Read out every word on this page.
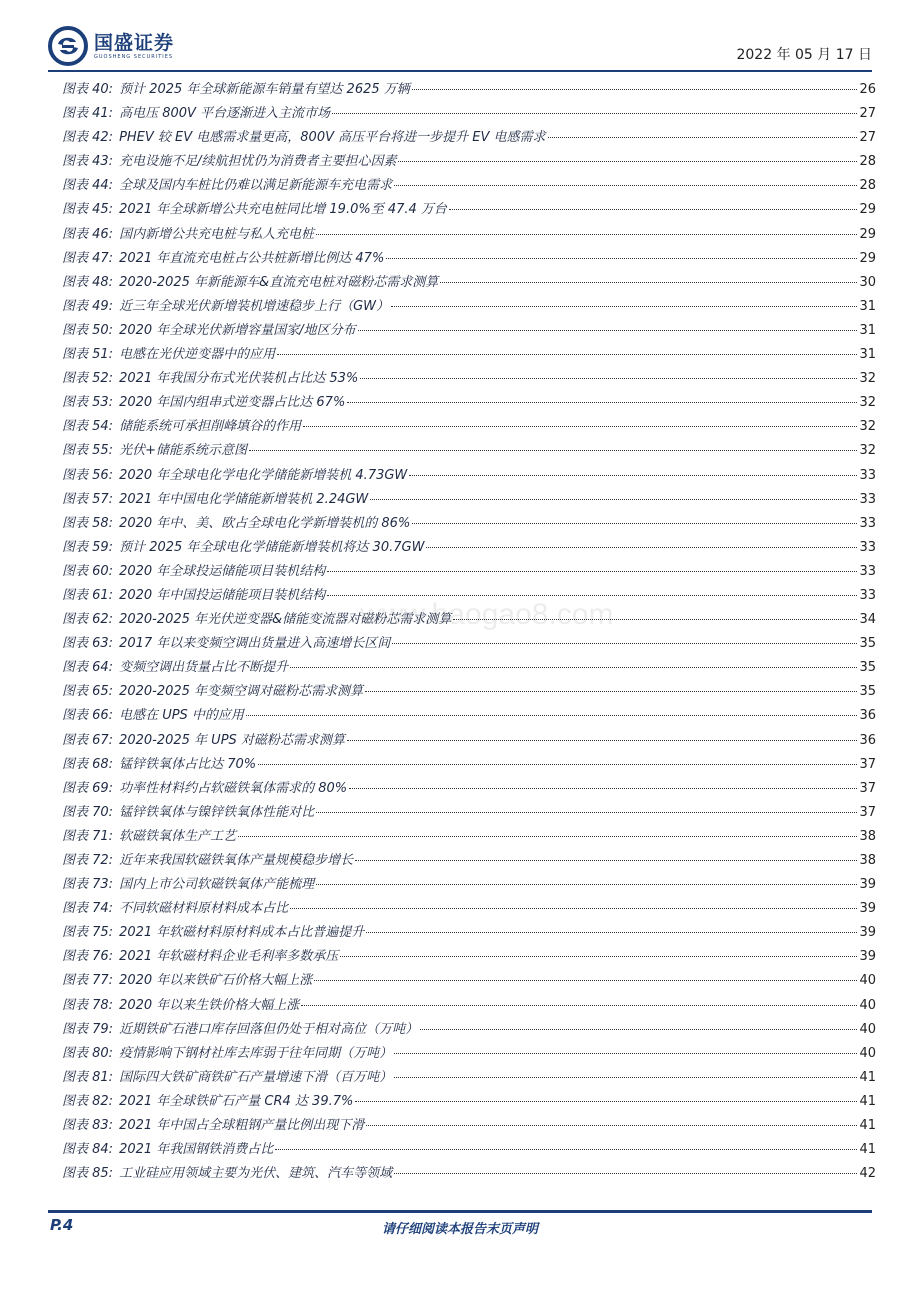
国盛证券
GUOSHENG SECURITIES	2022 年 05 月 17 日
图表 40: 预计 2025 年全球新能源车销量有望达 2625 万辆	26
图表 41: 高电压 800V 平台逐渐进入主流市场	27
图表 42: PHEV 较 EV 电感需求量更高，800V 高压平台将进一步提升 EV 电感需求	27
图表 43: 充电设施不足/续航担忧仍为消费者主要担心因素	28
图表 44: 全球及国内车桩比仍难以满足新能源车充电需求	28
图表 45: 2021 年全球新增公共充电桩同比增 19.0%至 47.4 万台	29
图表 46: 国内新增公共充电桩与私人充电桩	29
图表 47: 2021 年直流充电桩占公共桩新增比例达 47%	29
图表 48: 2020-2025 年新能源车&直流充电桩对磁粉芯需求测算	30
图表 49: 近三年全球光伏新增装机增速稳步上行（GW）	31
图表 50: 2020 年全球光伏新增容量国家/地区分布	31
图表 51: 电感在光伏逆变器中的应用	31
图表 52: 2021 年我国分布式光伏装机占比达 53%	32
图表 53: 2020 年国内组串式逆变器占比达 67%	32
图表 54: 储能系统可承担削峰填谷的作用	32
图表 55: 光伏+储能系统示意图	32
图表 56: 2020 年全球电化学电化学储能新增装机 4.73GW	33
图表 57: 2021 年中国电化学储能新增装机 2.24GW	33
图表 58: 2020 年中、美、欧占全球电化学新增装机的 86%	33
图表 59: 预计 2025 年全球电化学储能新增装机将达 30.7GW	33
图表 60: 2020 年全球投运储能项目装机结构	33
图表 61: 2020 年中国投运储能项目装机结构	33
图表 62: 2020-2025 年光伏逆变器&储能变流器对磁粉芯需求测算	34
图表 63: 2017 年以来变频空调出货量进入高速增长区间	35
图表 64: 变频空调出货量占比不断提升	35
图表 65: 2020-2025 年变频空调对磁粉芯需求测算	35
图表 66: 电感在 UPS 中的应用	36
图表 67: 2020-2025 年 UPS 对磁粉芯需求测算	36
图表 68: 锰锌铁氧体占比达 70%	37
图表 69: 功率性材料约占软磁铁氧体需求的 80%	37
图表 70: 锰锌铁氧体与镍锌铁氧体性能对比	37
图表 71: 软磁铁氧体生产工艺	38
图表 72: 近年来我国软磁铁氧体产量规模稳步增长	38
图表 73: 国内上市公司软磁铁氧体产能梳理	39
图表 74: 不同软磁材料原材料成本占比	39
图表 75: 2021 年软磁材料原材料成本占比普遍提升	39
图表 76: 2021 年软磁材料企业毛利率多数承压	39
图表 77: 2020 年以来铁矿石价格大幅上涨	40
图表 78: 2020 年以来生铁价格大幅上涨	40
图表 79: 近期铁矿石港口库存回落但仍处于相对高位（万吨）	40
图表 80: 疫情影响下钢材社库去库弱于往年同期（万吨）	40
图表 81: 国际四大铁矿商铁矿石产量增速下滑（百万吨）	41
图表 82: 2021 年全球铁矿石产量 CR4 达 39.7%	41
图表 83: 2021 年中国占全球粗钢产量比例出现下滑	41
图表 84: 2021 年我国钢铁消费占比	41
图表 85: 工业硅应用领域主要为光伏、建筑、汽车等领域	42
www.baogao8.com
P.4	请仔细阅读本报告末页声明
